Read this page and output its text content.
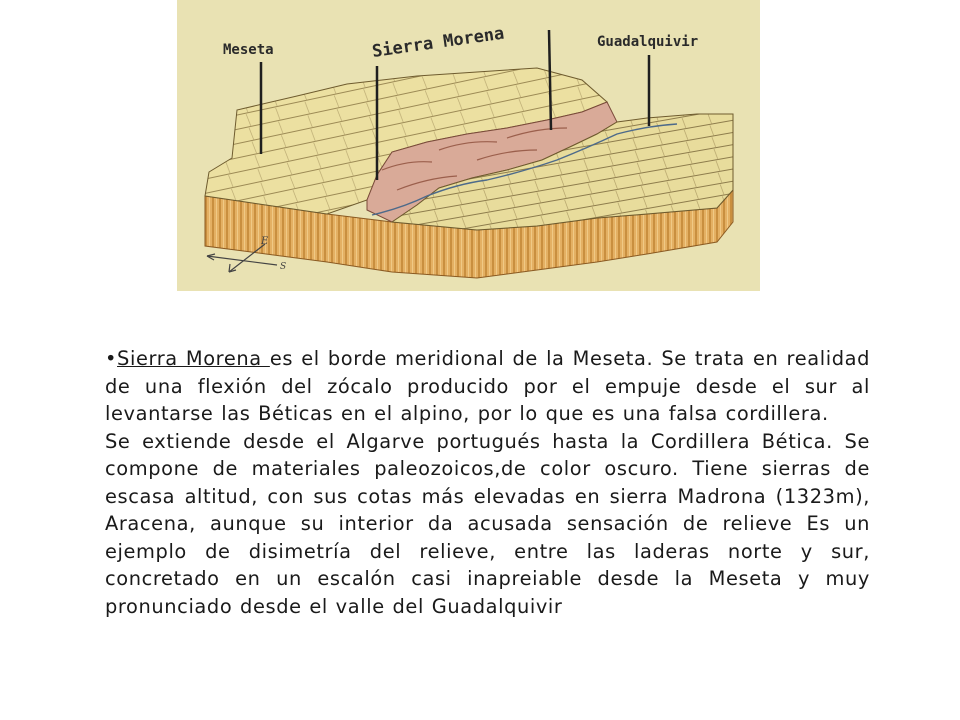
Meseta	Sierra Morena	Guadalquivir
E
S

•Sierra Morena es el borde meridional de la Meseta. Se trata en realidad de una flexión del zócalo producido por el empuje desde el sur al levantarse las Béticas en el alpino, por lo que es una falsa cordillera.

Se extiende desde el Algarve portugués hasta la Cordillera Bética. Se compone de materiales paleozoicos,de color oscuro. Tiene sierras de escasa altitud, con sus cotas más elevadas en sierra Madrona (1323m), Aracena, aunque su interior da acusada sensación de relieve Es un ejemplo de disimetría del relieve, entre las laderas norte y sur, concretado en un escalón casi inapreiable desde la Meseta y muy pronunciado desde el valle del Guadalquivir
